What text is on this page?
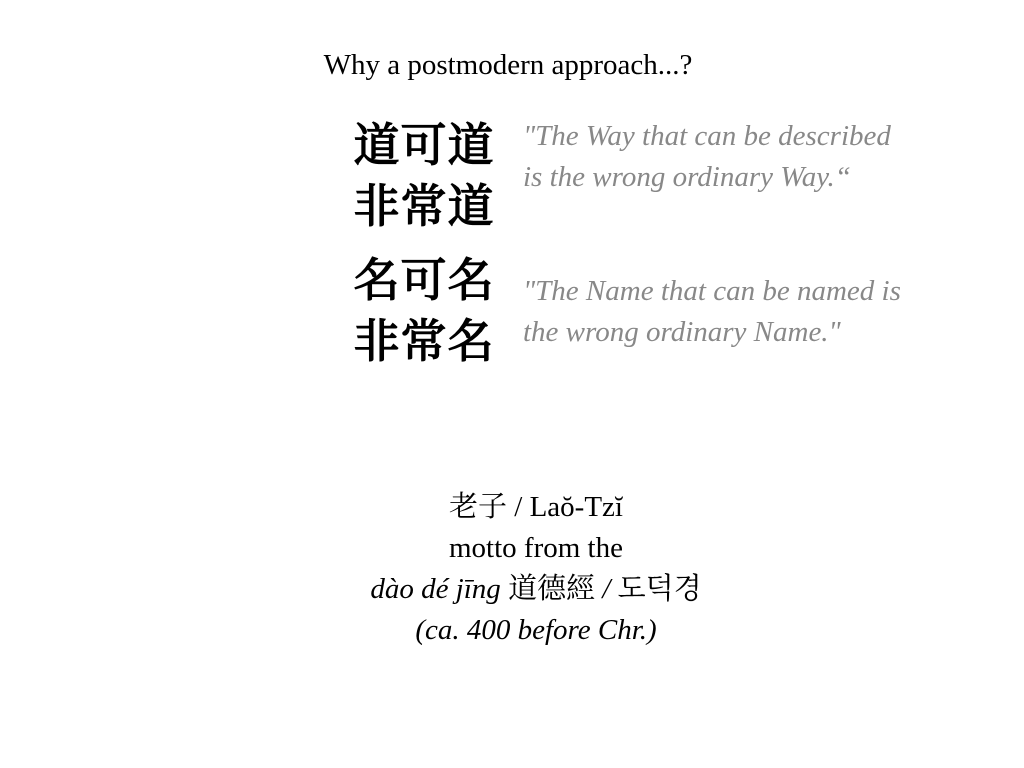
Why a postmodern approach...?
道可道
非常道
"The Way that can be described
is the wrong ordinary Way.“
名可名
非常名
"The Name that can be named is
the wrong ordinary Name."
老子 / Laŏ-Tzĭ
motto from the
dào dé jīng 道德經 / 도덕경
(ca. 400 before Chr.)
